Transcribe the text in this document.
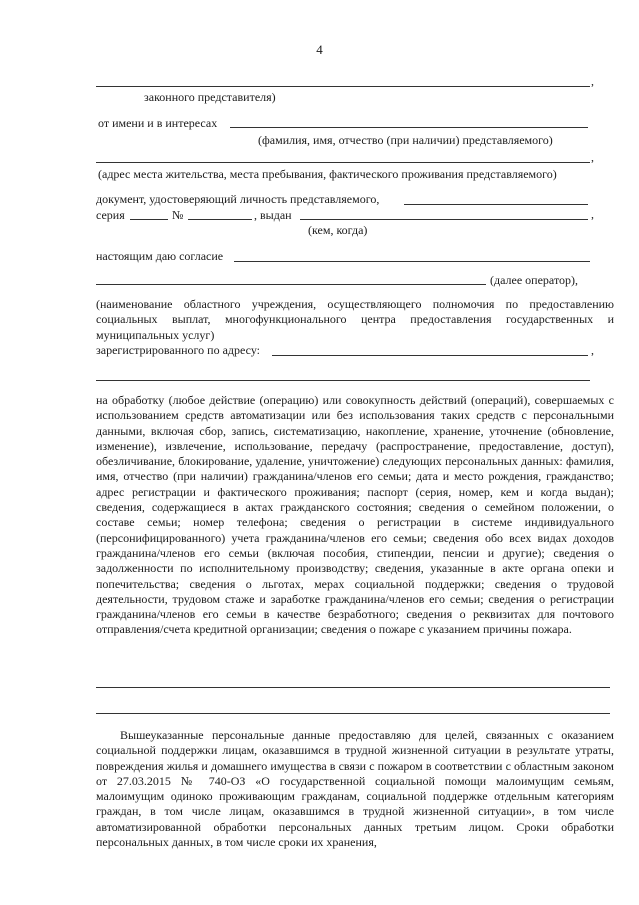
4
,
законного представителя)
от имени и в интересах
(фамилия, имя, отчество (при наличии) представляемого)
,
(адрес места жительства, места пребывания, фактического проживания представляемого)
документ, удостоверяющий личность представляемого,
серия	№	, выдан	,
(кем, когда)
настоящим даю согласие
(далее оператор),

(наименование областного учреждения, осуществляющего полномочия по предоставлению социальных выплат, многофункционального центра предоставления государственных и муниципальных услуг)

зарегистрированного по адресу:	,

на обработку (любое действие (операцию) или совокупность действий (операций), совершаемых с использованием средств автоматизации или без использования таких средств с персональными данными, включая сбор, запись, систематизацию, накопление, хранение, уточнение (обновление, изменение), извлечение, использование, передачу (распространение, предоставление, доступ), обезличивание, блокирование, удаление, уничтожение) следующих персональных данных: фамилия, имя, отчество (при наличии) гражданина/членов его семьи; дата и место рождения, гражданство; адрес регистрации и фактического проживания; паспорт (серия, номер, кем и когда выдан); сведения, содержащиеся в актах гражданского состояния; сведения о семейном положении, о составе семьи; номер телефона; сведения о регистрации в системе индивидуального (персонифицированного) учета гражданина/членов его семьи; сведения обо всех видах доходов гражданина/членов его семьи (включая пособия, стипендии, пенсии и другие); сведения о задолженности по исполнительному производству; сведения, указанные в акте органа опеки и попечительства; сведения о льготах, мерах социальной поддержки; сведения о трудовой деятельности, трудовом стаже и заработке гражданина/членов его семьи; сведения о регистрации гражданина/членов его семьи в качестве безработного; сведения о реквизитах для почтового отправления/счета кредитной организации; сведения о пожаре с указанием причины пожара.

Вышеуказанные персональные данные предоставляю для целей, связанных с оказанием социальной поддержки лицам, оказавшимся в трудной жизненной ситуации в результате утраты, повреждения жилья и домашнего имущества в связи с пожаром в соответствии с областным законом от 27.03.2015 № 740-ОЗ «О государственной социальной помощи малоимущим семьям, малоимущим одиноко проживающим гражданам, социальной поддержке отдельным категориям граждан, в том числе лицам, оказавшимся в трудной жизненной ситуации», в том числе автоматизированной обработки персональных данных третьим лицом. Сроки обработки персональных данных, в том числе сроки их хранения,
